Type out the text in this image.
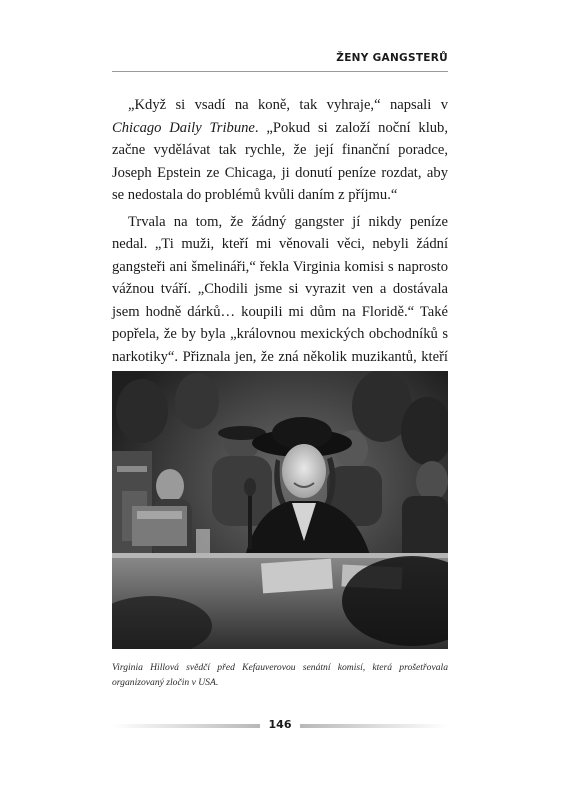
ŽENY GANGSTERŮ

„Když si vsadí na koně, tak vyhraje,“ napsali v Chicago Daily Tribune. „Pokud si založí noční klub, začne vydělávat tak rychle, že její finanční poradce, Joseph Epstein ze Chicaga, ji donutí peníze rozdat, aby se nedostala do problémů kvůli daním z příjmu.“

Trvala na tom, že žádný gangster jí nikdy peníze nedal. „Ti muži, kteří mi věnovali věci, nebyli žádní gangsteři ani šmelináři,“ řekla Virginia komisi s naprosto vážnou tváří. „Chodili jsme si vyrazit ven a dostávala jsem hodně dárků… koupili mi dům na Floridě.“ Také popřela, že by byla „královnou mexických obchodníků s narkotiky“. Přiznala jen, že zná několik muzikantů, kteří

Virginia Hillová svědčí před Kefauverovou senátní komisí, která prošetřovala organizovaný zločin v USA.
146
